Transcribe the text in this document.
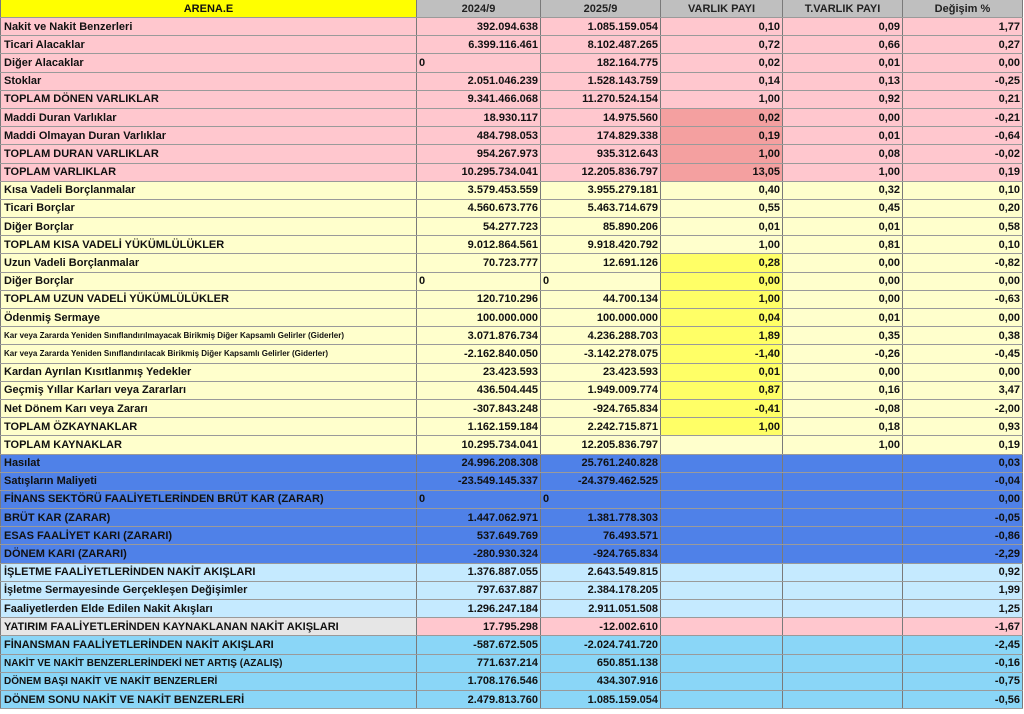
ARENA.E	2024/9	2025/9	VARLIK PAYI	T.VARLIK PAYI	Değişim %
Nakit ve Nakit Benzerleri	392.094.638	1.085.159.054	0,10	0,09	1,77
Ticari Alacaklar	6.399.116.461	8.102.487.265	0,72	0,66	0,27
Diğer Alacaklar	0	182.164.775	0,02	0,01	0,00
Stoklar	2.051.046.239	1.528.143.759	0,14	0,13	-0,25
TOPLAM DÖNEN VARLIKLAR	9.341.466.068	11.270.524.154	1,00	0,92	0,21
Maddi Duran Varlıklar	18.930.117	14.975.560	0,02	0,00	-0,21
Maddi Olmayan Duran Varlıklar	484.798.053	174.829.338	0,19	0,01	-0,64
TOPLAM DURAN VARLIKLAR	954.267.973	935.312.643	1,00	0,08	-0,02
TOPLAM VARLIKLAR	10.295.734.041	12.205.836.797	13,05	1,00	0,19
Kısa Vadeli Borçlanmalar	3.579.453.559	3.955.279.181	0,40	0,32	0,10
Ticari Borçlar	4.560.673.776	5.463.714.679	0,55	0,45	0,20
Diğer Borçlar	54.277.723	85.890.206	0,01	0,01	0,58
TOPLAM KISA VADELİ YÜKÜMLÜLÜKLER	9.012.864.561	9.918.420.792	1,00	0,81	0,10
Uzun Vadeli Borçlanmalar	70.723.777	12.691.126	0,28	0,00	-0,82
Diğer Borçlar	0	0	0,00	0,00	0,00
TOPLAM UZUN VADELİ YÜKÜMLÜLÜKLER	120.710.296	44.700.134	1,00	0,00	-0,63
Ödenmiş Sermaye	100.000.000	100.000.000	0,04	0,01	0,00
Kar veya Zararda Yeniden Sınıflandırılmayacak Birikmiş Diğer Kapsamlı Gelirler (Giderler)	3.071.876.734	4.236.288.703	1,89	0,35	0,38
Kar veya Zararda Yeniden Sınıflandırılacak Birikmiş Diğer Kapsamlı Gelirler (Giderler)	-2.162.840.050	-3.142.278.075	-1,40	-0,26	-0,45
Kardan Ayrılan Kısıtlanmış Yedekler	23.423.593	23.423.593	0,01	0,00	0,00
Geçmiş Yıllar Karları veya Zararları	436.504.445	1.949.009.774	0,87	0,16	3,47
Net Dönem Karı veya Zararı	-307.843.248	-924.765.834	-0,41	-0,08	-2,00
TOPLAM ÖZKAYNAKLAR	1.162.159.184	2.242.715.871	1,00	0,18	0,93
TOPLAM KAYNAKLAR	10.295.734.041	12.205.836.797		1,00	0,19
Hasılat	24.996.208.308	25.761.240.828			0,03
Satışların Maliyeti	-23.549.145.337	-24.379.462.525			-0,04
FİNANS SEKTÖRÜ FAALİYETLERİNDEN BRÜT KAR (ZARAR)	0	0			0,00
BRÜT KAR (ZARAR)	1.447.062.971	1.381.778.303			-0,05
ESAS FAALİYET KARI (ZARARI)	537.649.769	76.493.571			-0,86
DÖNEM KARI (ZARARI)	-280.930.324	-924.765.834			-2,29
İŞLETME FAALİYETLERİNDEN NAKİT AKIŞLARI	1.376.887.055	2.643.549.815			0,92
İşletme Sermayesinde Gerçekleşen Değişimler	797.637.887	2.384.178.205			1,99
Faaliyetlerden Elde Edilen Nakit Akışları	1.296.247.184	2.911.051.508			1,25
YATIRIM FAALİYETLERİNDEN KAYNAKLANAN NAKİT AKIŞLARI	17.795.298	-12.002.610			-1,67
FİNANSMAN FAALİYETLERİNDEN NAKİT AKIŞLARI	-587.672.505	-2.024.741.720			-2,45
NAKİT VE NAKİT BENZERLERİNDEKİ NET ARTIŞ (AZALIŞ)	771.637.214	650.851.138			-0,16
DÖNEM BAŞI NAKİT VE NAKİT BENZERLERİ	1.708.176.546	434.307.916			-0,75
DÖNEM SONU NAKİT VE NAKİT BENZERLERİ	2.479.813.760	1.085.159.054			-0,56
